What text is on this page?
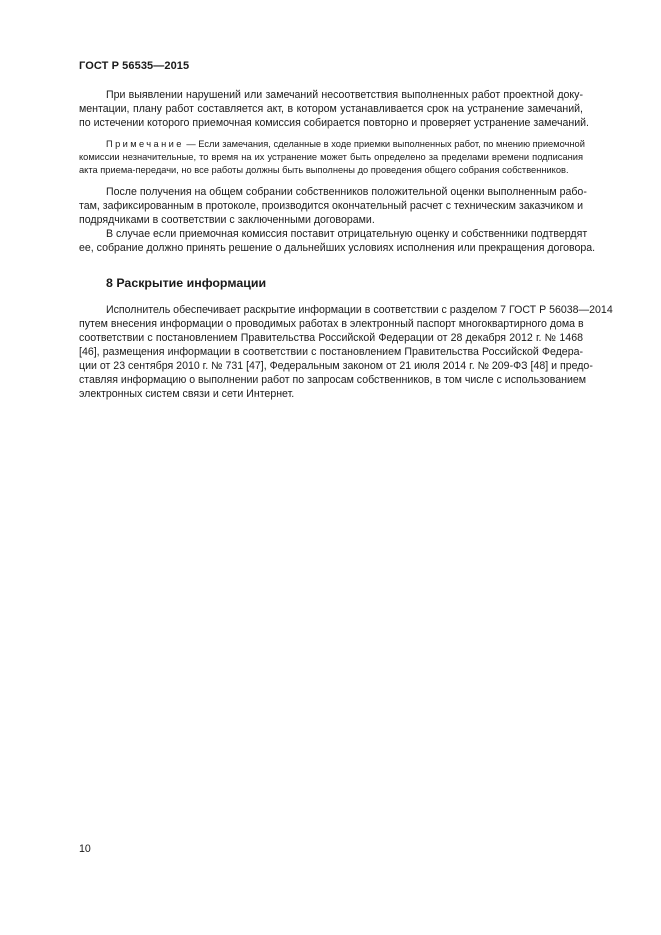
ГОСТ Р 56535—2015
При выявлении нарушений или замечаний несоответствия выполненных работ проектной доку-
ментации, плану работ составляется акт, в котором устанавливается срок на устранение замечаний,
по истечении которого приемочная комиссия собирается повторно и проверяет устранение замечаний.
Примечание — Если замечания, сделанные в ходе приемки выполненных работ, по мнению приемочной
комиссии незначительные, то время на их устранение может быть определено за пределами времени подписания
акта приема-передачи, но все работы должны быть выполнены до проведения общего собрания собственников.
После получения на общем собрании собственников положительной оценки выполненным рабо-
там, зафиксированным в протоколе, производится окончательный расчет с техническим заказчиком и
подрядчиками в соответствии с заключенными договорами.
В случае если приемочная комиссия поставит отрицательную оценку и собственники подтвердят
ее, собрание должно принять решение о дальнейших условиях исполнения или прекращения договора.
8 Раскрытие информации
Исполнитель обеспечивает раскрытие информации в соответствии с разделом 7 ГОСТ Р 56038—2014
путем внесения информации о проводимых работах в электронный паспорт многоквартирного дома в
соответствии с постановлением Правительства Российской Федерации от 28 декабря 2012 г. № 1468
[46], размещения информации в соответствии с постановлением Правительства Российской Федера-
ции от 23 сентября 2010 г. № 731 [47], Федеральным законом от 21 июля 2014 г. № 209-ФЗ [48] и предо-
ставляя информацию о выполнении работ по запросам собственников, в том числе с использованием
электронных систем связи и сети Интернет.
10
